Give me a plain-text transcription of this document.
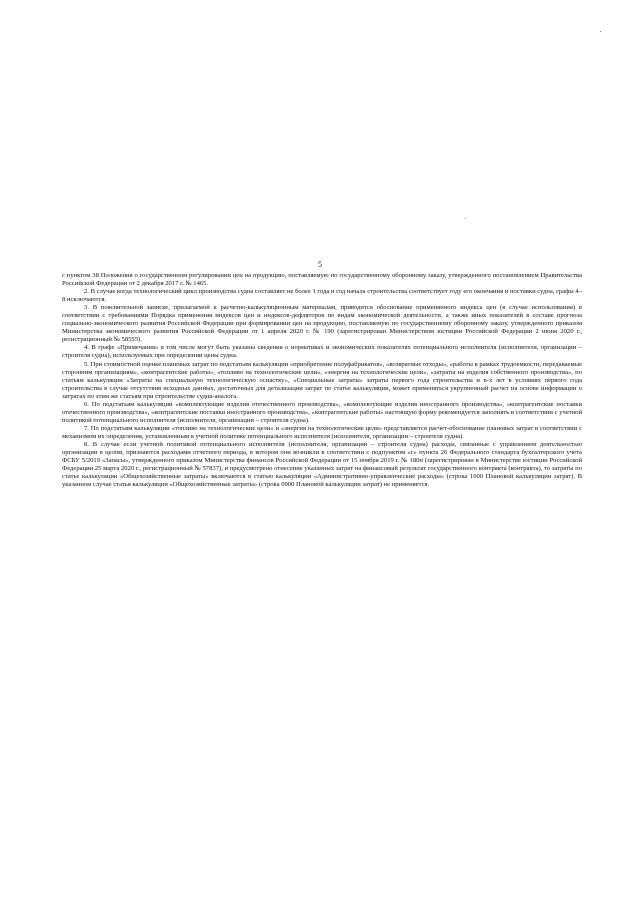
5

с пунктом 38 Положения о государственном регулировании цен на продукцию, поставляемую по государственному оборонному заказу, утвержденного постановлением Правительства Российской Федерации от 2 декабря 2017 г. № 1465.

2. В случае когда технологический цикл производства судна составляет не более 1 года и год начала строительства соответствует году его окончания и поставки судна, графы 4–8 исключаются.

3. В пояснительной записке, прилагаемой к расчетно-калькуляционным материалам, приводится обоснование применяемого индекса цен (в случае использования) в соответствии с требованиями Порядка применения индексов цен и индексов-дефляторов по видам экономической деятельности, а также иных показателей в составе прогноза социально-экономического развития Российской Федерации при формировании цен на продукцию, поставляемую по государственному оборонному заказу, утвержденного приказом Министерства экономического развития Российской Федерации от 1 апреля 2020 г. № 190 (зарегистрирован Министерством юстиции Российской Федерации 2 июня 2020 г., регистрационный № 58555).

4. В графе «Примечания» в том числе могут быть указаны сведения о нормативах и экономических показателях потенциального исполнителя (исполнителя, организации – строителя судна), используемых при определении цены судна.

5. При стоимостной оценке плановых затрат по подстатьям калькуляции «приобретение полуфабрикатов», «возвратные отходы», «работы в рамках трудоемкости, передаваемые сторонним организациям», «контрагентские работы», «топливо на технологические цели», «энергия на технологические цели», «затраты на изделия собственного производства», по статьям калькуляции «Затраты на специальную технологическую оснастку», «Специальные затраты» затраты первого года строительства и n-х лет в условиях первого года строительства в случае отсутствия исходных данных, достаточных для детализации затрат по статье калькуляции, может применяться укрупненный расчет на основе информации о затратах по этим же статьям при строительстве судна-аналога.

6. По подстатьям калькуляции «комплектующие изделия отечественного производства», «комплектующие изделия иностранного производства», «контрагентские поставки отечественного производства», «контрагентские поставки иностранного производства», «контрагентские работы» настоящую форму рекомендуется заполнять в соответствии с учетной политикой потенциального исполнителя (исполнителя, организации – строителя судна).

7. По подстатьям калькуляции «топливо на технологические цели» и «энергия на технологические цели» представляется расчет-обоснование плановых затрат в соответствии с механизмом их определения, установленным в учетной политике потенциального исполнителя (исполнителя, организации – строителя судна).

8. В случае если учетной политикой потенциального исполнителя (исполнителя, организации – строителя судна) расходы, связанные с управлением деятельностью организации в целом, признаются расходами отчетного периода, в котором они возникли в соответствии с подпунктом «г» пункта 26 Федерального стандарта бухгалтерского учета ФСБУ 5/2019 «Запасы», утвержденного приказом Министерства финансов Российской Федерации от 15 ноября 2019 г. № 180н (зарегистрирован в Министерстве юстиции Российской Федерации 25 марта 2020 г., регистрационный № 57837), и предусмотрено отнесение указанных затрат на финансовый результат государственного контракта (контракта), то затраты по статье калькуляции «Общехозяйственные затраты» включаются в статью калькуляции «Административно-управленческие расходы» (строка 1600 Плановой калькуляции затрат). В указанном случае статья калькуляции «Общехозяйственные затраты» (строка 0900 Плановой калькуляции затрат) не применяется.
